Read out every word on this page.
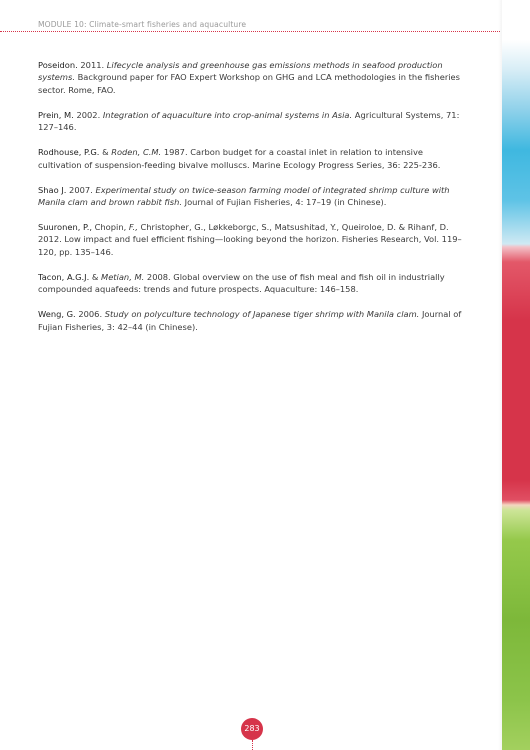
MODULE 10: Climate-smart fisheries and aquaculture

Poseidon. 2011. Lifecycle analysis and greenhouse gas emissions methods in seafood production systems. Background paper for FAO Expert Workshop on GHG and LCA methodologies in the fisheries sector. Rome, FAO.

Prein, M. 2002. Integration of aquaculture into crop-animal systems in Asia. Agricultural Systems, 71: 127–146.

Rodhouse, P.G. & Roden, C.M. 1987. Carbon budget for a coastal inlet in relation to intensive cultivation of suspension-feeding bivalve molluscs. Marine Ecology Progress Series, 36: 225-236.

Shao J. 2007. Experimental study on twice-season farming model of integrated shrimp culture with Manila clam and brown rabbit fish. Journal of Fujian Fisheries, 4: 17–19 (in Chinese).

Suuronen, P., Chopin, F., Christopher, G., Løkkeborgc, S., Matsushitad, Y., Queiroloe, D. & Rihanf, D. 2012. Low impact and fuel efficient fishing—looking beyond the horizon. Fisheries Research, Vol. 119–120, pp. 135–146.

Tacon, A.G.J. & Metian, M. 2008. Global overview on the use of fish meal and fish oil in industrially compounded aquafeeds: trends and future prospects. Aquaculture: 146–158.

Weng, G. 2006. Study on polyculture technology of Japanese tiger shrimp with Manila clam. Journal of Fujian Fisheries, 3: 42–44 (in Chinese).

283
